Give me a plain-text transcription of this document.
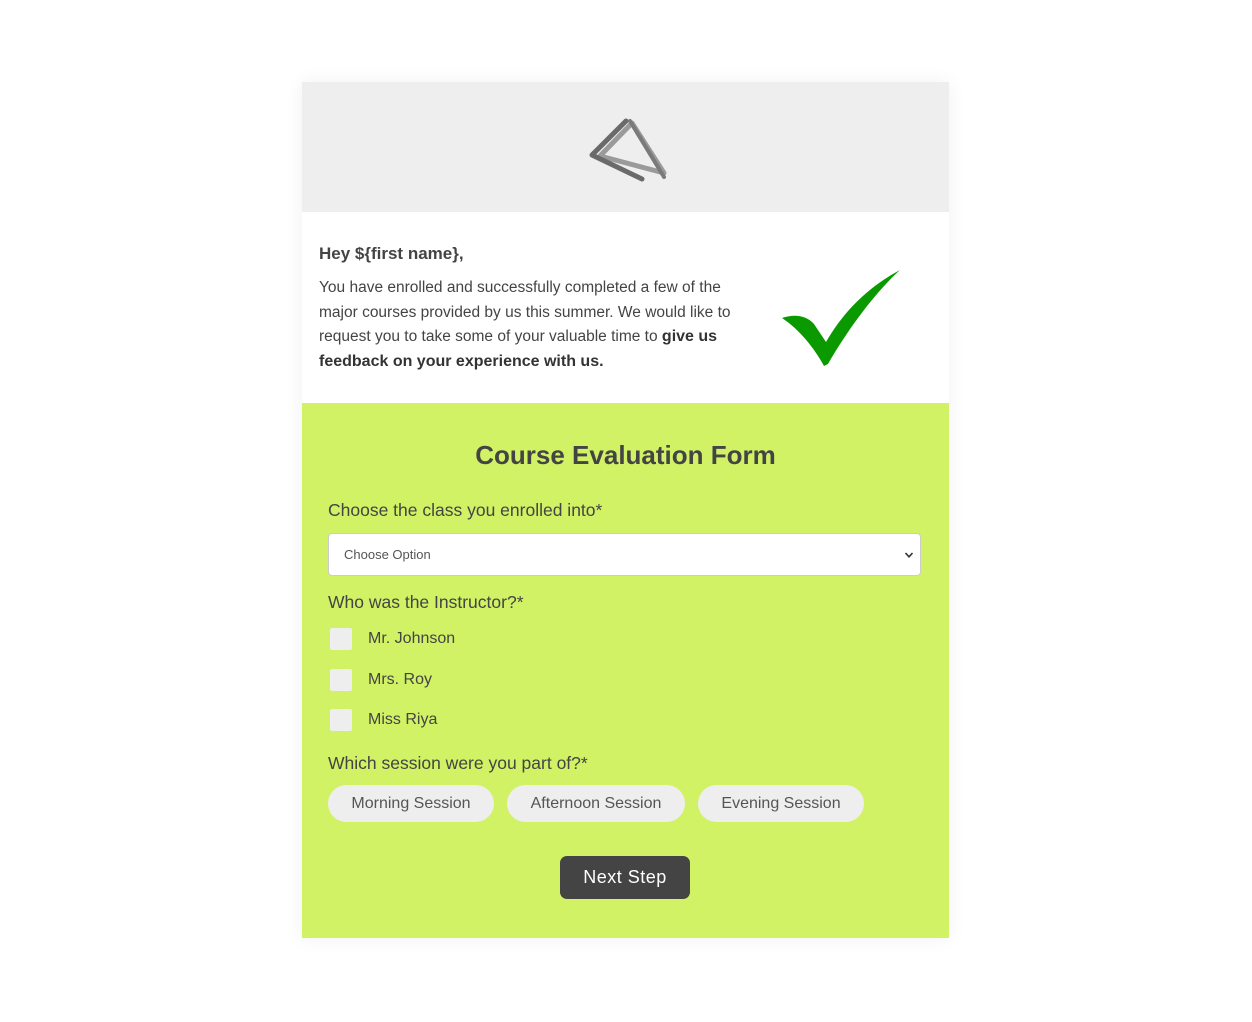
Hey ${first name},

You have enrolled and successfully completed a few of the major courses provided by us this summer. We would like to request you to take some of your valuable time to give us feedback on your experience with us.

Course Evaluation Form

Choose the class you enrolled into*

Choose Option

Who was the Instructor?*

Mr. Johnson
Mrs. Roy
Miss Riya

Which session were you part of?*

Morning Session	Afternoon Session	Evening Session
Next Step
